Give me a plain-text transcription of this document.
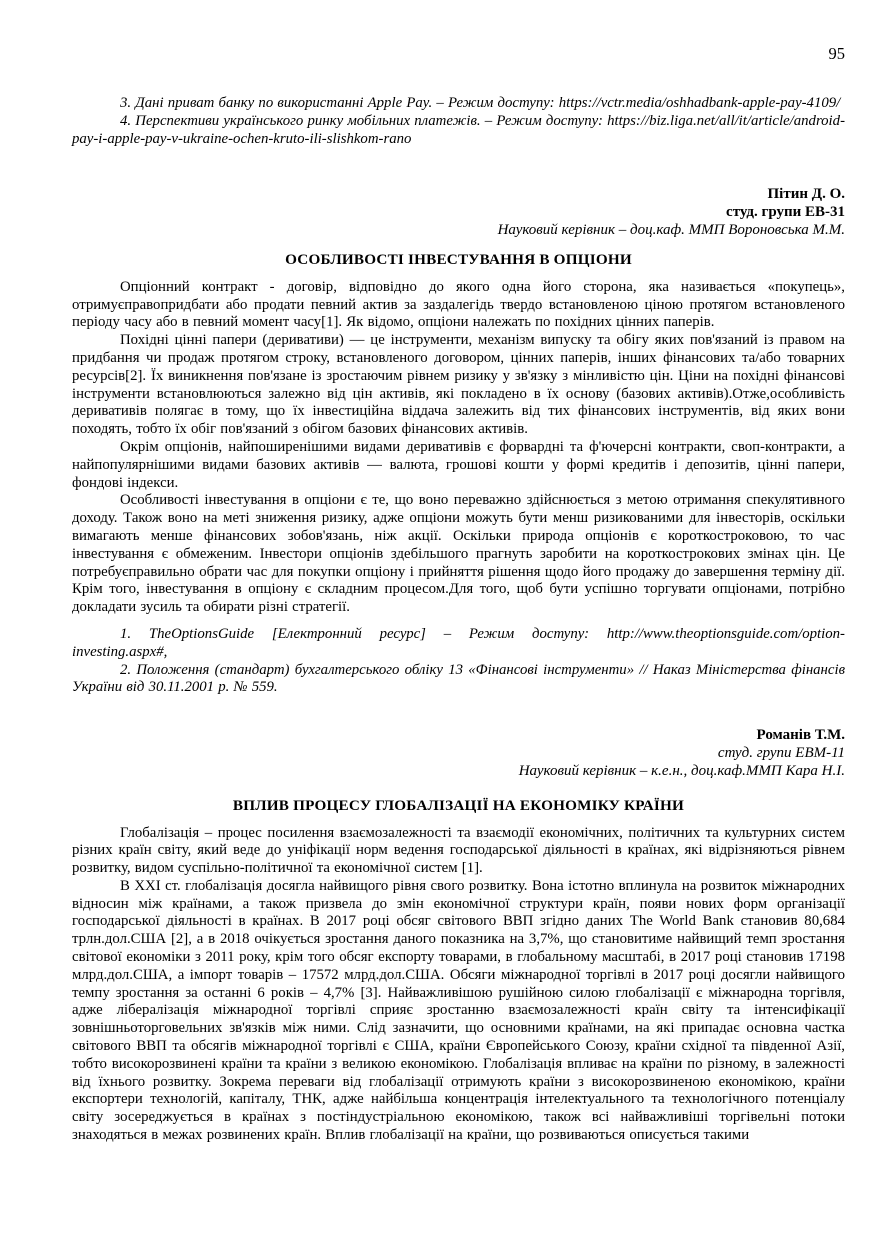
95

3. Дані приват банку по використанні Apple Pay. – Режим доступу: https://vctr.media/oshhadbank-apple-pay-4109/

4. Перспективи українського ринку мобільних платежів. – Режим доступу: https://biz.liga.net/all/it/article/android-pay-i-apple-pay-v-ukraine-ochen-kruto-ili-slishkom-rano

Пітин Д. О.
студ. групи ЕВ-31
Науковий керівник – доц.каф. ММП Вороновська М.М.
ОСОБЛИВОСТІ ІНВЕСТУВАННЯ В ОПЦІОНИ

Опціонний контракт - договір, відповідно до якого одна його сторона, яка називається «покупець», отримуєправопридбати або продати певний актив за заздалегідь твердо встановленою ціною протягом встановленого періоду часу або в певний момент часу[1]. Як відомо, опціони належать по похідних цінних паперів.

Похідні цінні папери (деривативи) — це інструменти, механізм випуску та обігу яких пов'язаний із правом на придбання чи продаж протягом строку, встановленого договором, цінних паперів, інших фінансових та/або товарних ресурсів[2]. Їх виникнення пов'язане із зростаючим рівнем ризику у зв'язку з мінливістю цін. Ціни на похідні фінансові інструменти встановлюються залежно від цін активів, які покладено в їх основу (базових активів).Отже,особливість деривативів полягає в тому, що їх інвестиційна віддача залежить від тих фінансових інструментів, від яких вони походять, тобто їх обіг пов'язаний з обігом базових фінансових активів.

Окрім опціонів, найпоширенішими видами деривативів є форвардні та ф'ючерсні контракти, своп-контракти, а найпопулярнішими видами базових активів — валюта, грошові кошти у формі кредитів і депозитів, цінні папери, фондові індекси.

Особливості інвестування в опціони є те, що воно переважно здійснюється з метою отримання спекулятивного доходу. Також воно на меті зниження ризику, адже опціони можуть бути менш ризикованими для інвесторів, оскільки вимагають менше фінансових зобов'язань, ніж акції. Оскільки природа опціонів є короткостроковою, то час інвестування є обмеженим. Інвестори опціонів здебільшого прагнуть заробити на короткострокових змінах цін. Це потребуєправильно обрати час для покупки опціону і прийняття рішення щодо його продажу до завершення терміну дії. Крім того, інвестування в опціону є складним процесом.Для того, щоб бути успішно торгувати опціонами, потрібно докладати зусиль та обирати різні стратегії.

1. TheOptionsGuide [Електронний ресурс] – Режим доступу: http://www.theoptionsguide.com/option-investing.aspx#,

2. Положення (стандарт) бухгалтерського обліку 13 «Фінансові інструменти» // Наказ Міністерства фінансів України від 30.11.2001 р. № 559.

Романів Т.М.
студ. групи ЕВМ-11
Науковий керівник – к.е.н., доц.каф.ММП Кара Н.І.
ВПЛИВ ПРОЦЕСУ ГЛОБАЛІЗАЦІЇ НА ЕКОНОМІКУ КРАЇНИ

Глобалізація – процес посилення взаємозалежності та взаємодії економічних, політичних та культурних систем різних країн світу, який веде до уніфікації норм ведення господарської діяльності в країнах, які відрізняються рівнем розвитку, видом суспільно-політичної та економічної систем [1].

В ХХІ ст. глобалізація досягла найвищого рівня свого розвитку. Вона істотно вплинула на розвиток міжнародних відносин між країнами, а також призвела до змін економічної структури країн, появи нових форм організації господарської діяльності в країнах. В 2017 році обсяг світового ВВП згідно даних The World Bank становив 80,684 трлн.дол.США [2], а в 2018 очікується зростання даного показника на 3,7%, що становитиме найвищий темп зростання світової економіки з 2011 року, крім того обсяг експорту товарами, в глобальному масштабі, в 2017 році становив 17198 млрд.дол.США, а імпорт товарів – 17572 млрд.дол.США. Обсяги міжнародної торгівлі в 2017 році досягли найвищого темпу зростання за останні 6 років – 4,7% [3]. Найважливішою рушійною силою глобалізації є міжнародна торгівля, адже лібералізація міжнародної торгівлі сприяє зростанню взаємозалежності країн світу та інтенсифікації зовнішньоторговельних зв'язків між ними. Слід зазначити, що основними країнами, на які припадає основна частка світового ВВП та обсягів міжнародної торгівлі є США, країни Європейського Союзу, країни східної та південної Азії, тобто високорозвинені країни та країни з великою економікою. Глобалізація впливає на країни по різному, в залежності від їхнього розвитку. Зокрема переваги від глобалізації отримують країни з високорозвиненою економікою, країни експортери технологій, капіталу, ТНК, адже найбільша концентрація інтелектуального та технологічного потенціалу світу зосереджується в країнах з постіндустріальною економікою, також всі найважливіші торгівельні потоки знаходяться в межах розвинених країн. Вплив глобалізації на країни, що розвиваються описується такими
